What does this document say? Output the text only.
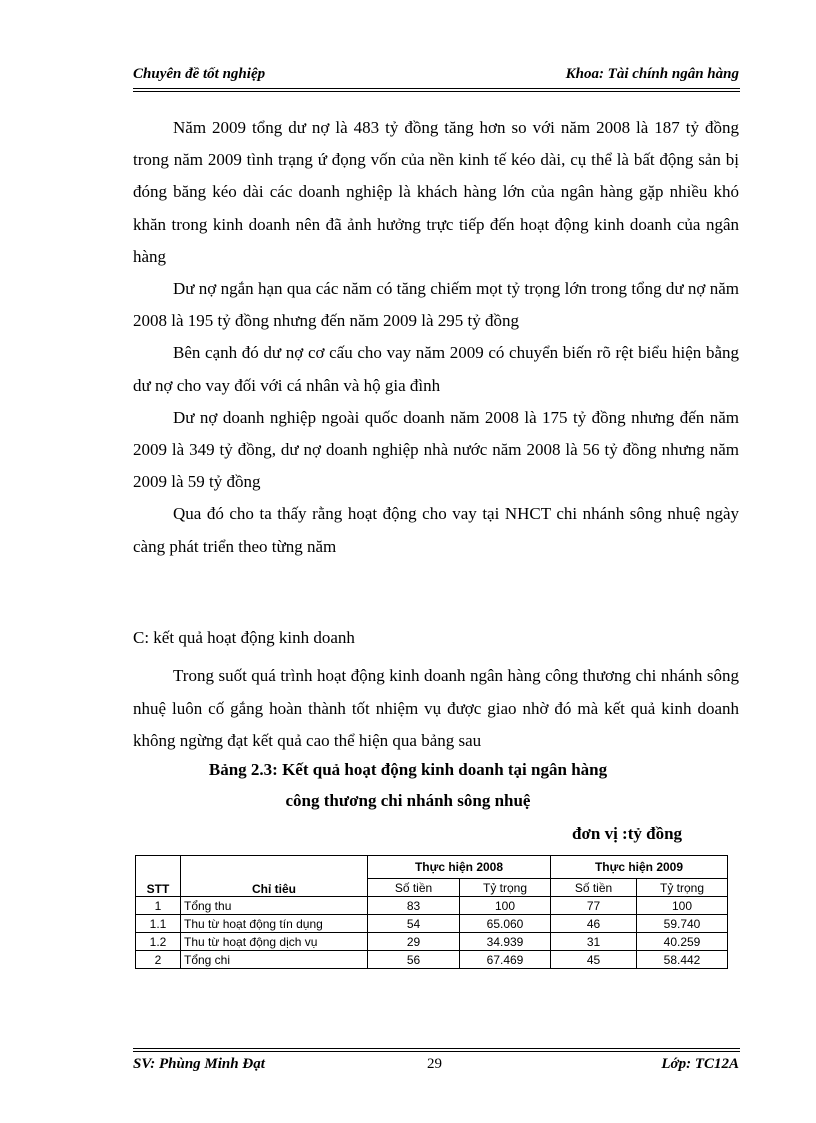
Chuyên đề tốt nghiệp	Khoa: Tài chính ngân hàng

Năm 2009 tổng dư nợ là 483 tỷ đồng tăng hơn so với năm 2008 là 187 tỷ đồng trong năm 2009 tình trạng ứ đọng vốn của nền kinh tế kéo dài, cụ thể là bất động sản bị đóng băng kéo dài các doanh nghiệp là khách hàng lớn của ngân hàng gặp nhiều khó khăn trong kinh doanh nên đã ảnh hưởng trực tiếp đến hoạt động kinh doanh của ngân hàng

Dư nợ ngắn hạn qua các năm có tăng chiếm mọt tỷ trọng lớn trong tổng dư nợ năm 2008 là 195 tỷ đồng nhưng đến năm 2009 là 295 tỷ đồng

Bên cạnh đó dư nợ cơ cấu cho vay năm 2009 có chuyển biến rõ rệt biểu hiện bằng dư nợ cho vay đối với cá nhân và hộ gia đình

Dư nợ doanh nghiệp ngoài quốc doanh năm 2008 là 175 tỷ đồng nhưng đến năm 2009 là 349 tỷ đồng, dư nợ doanh nghiệp nhà nước năm 2008 là 56 tỷ đồng nhưng năm 2009 là 59 tỷ đồng

Qua đó cho ta thấy rằng hoạt động cho vay tại NHCT chi nhánh sông nhuệ ngày càng phát triển theo từng năm

C: kết quả hoạt động kinh doanh

Trong suốt quá trình hoạt động kinh doanh ngân hàng công thương chi nhánh sông nhuệ luôn cố gắng hoàn thành tốt nhiệm vụ được giao nhờ đó mà kết quả kinh doanh không ngừng đạt kết quả cao thể hiện qua bảng sau

Bảng 2.3: Kết quả hoạt động kinh doanh tại ngân hàng
công thương chi nhánh sông nhuệ
đơn vị :tỷ đồng
STT	Chỉ tiêu	Thực hiện 2008		Thực hiện 2009	
		Số tiền	Tỷ trọng	Số tiền	Tỷ trọng
1	Tổng thu	83	100	77	100
1.1	Thu từ hoạt động tín dụng	54	65.060	46	59.740
1.2	Thu từ hoạt động dịch vụ	29	34.939	31	40.259
2	Tổng chi	56	67.469	45	58.442
SV: Phùng Minh Đạt	29	Lớp: TC12A
